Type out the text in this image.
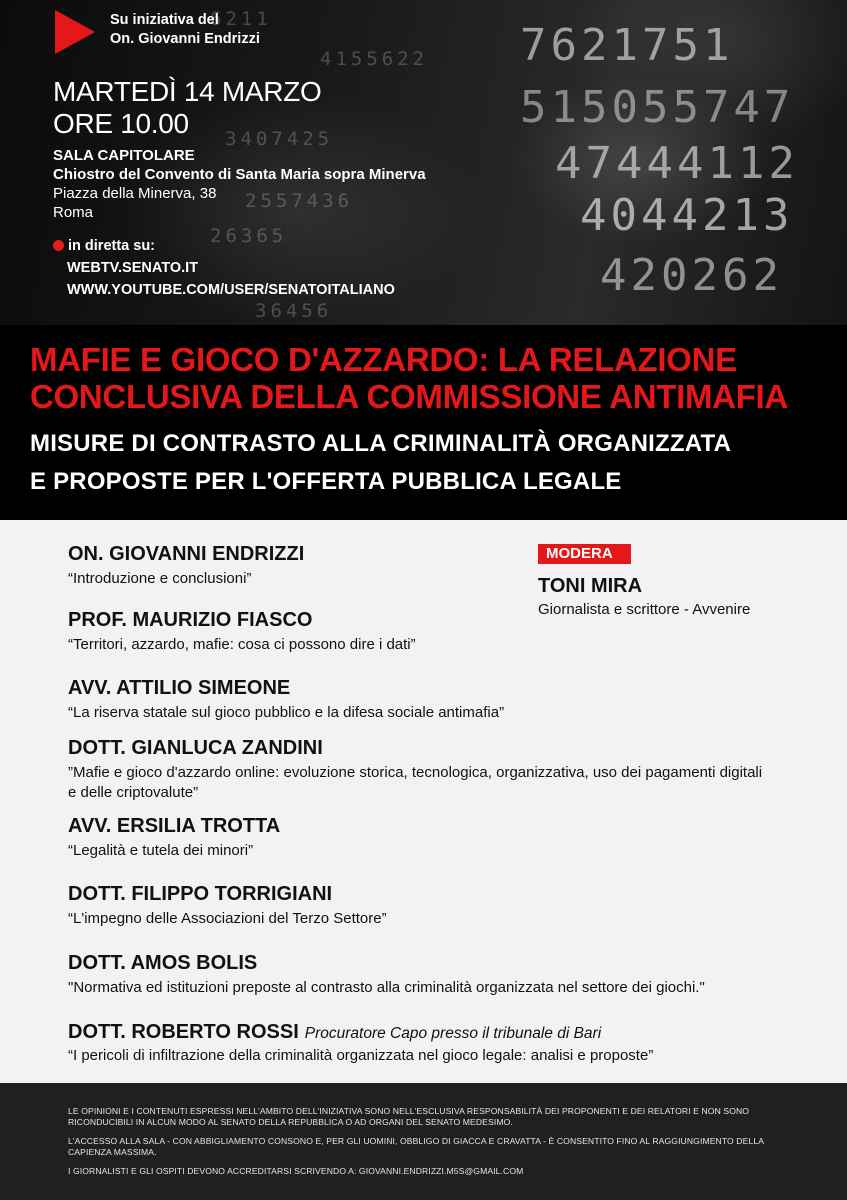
7621751
515055747
47444112
4044213
420262
3407425
4155622
2557436
26365
6211
36456
Su iniziativa del
On. Giovanni Endrizzi
MARTEDÌ 14 MARZO
ORE 10.00
SALA CAPITOLARE
Chiostro del Convento di Santa Maria sopra Minerva
Piazza della Minerva, 38
Roma
in diretta su:
WEBTV.SENATO.IT
WWW.YOUTUBE.COM/USER/SENATOITALIANO
MAFIE E GIOCO D'AZZARDO: LA RELAZIONE
CONCLUSIVA DELLA COMMISSIONE ANTIMAFIA
MISURE DI CONTRASTO ALLA CRIMINALITÀ ORGANIZZATA
E PROPOSTE PER L'OFFERTA PUBBLICA LEGALE
MODERA
TONI MIRA
Giornalista e scrittore - Avvenire
ON. GIOVANNI ENDRIZZI
“Introduzione e conclusioni”
PROF. MAURIZIO FIASCO
“Territori, azzardo, mafie: cosa ci possono dire i dati”
AVV. ATTILIO SIMEONE
“La riserva statale sul gioco pubblico e la difesa sociale antimafia”
DOTT. GIANLUCA ZANDINI
”Mafie e gioco d'azzardo online: evoluzione storica, tecnologica, organizzativa, uso dei pagamenti digitali e delle criptovalute”
AVV. ERSILIA TROTTA
“Legalità e tutela dei minori”
DOTT. FILIPPO TORRIGIANI
“L'impegno delle Associazioni del Terzo Settore”
DOTT. AMOS BOLIS
"Normativa ed istituzioni preposte al contrasto alla criminalità organizzata nel settore dei giochi."
DOTT. ROBERTO ROSSI Procuratore Capo presso il tribunale di Bari
“I pericoli di infiltrazione della criminalità organizzata nel gioco legale: analisi e proposte”

LE OPINIONI E I CONTENUTI ESPRESSI NELL'AMBITO DELL'INIZIATIVA SONO NELL'ESCLUSIVA RESPONSABILITÀ DEI PROPONENTI E DEI RELATORI E NON SONO RICONDUCIBILI IN ALCUN MODO AL SENATO DELLA REPUBBLICA O AD ORGANI DEL SENATO MEDESIMO.

L'ACCESSO ALLA SALA - CON ABBIGLIAMENTO CONSONO E, PER GLI UOMINI, OBBLIGO DI GIACCA E CRAVATTA - È CONSENTITO FINO AL RAGGIUNGIMENTO DELLA CAPIENZA MASSIMA.

I GIORNALISTI E GLI OSPITI DEVONO ACCREDITARSI SCRIVENDO A: GIOVANNI.ENDRIZZI.M5S@GMAIL.COM
